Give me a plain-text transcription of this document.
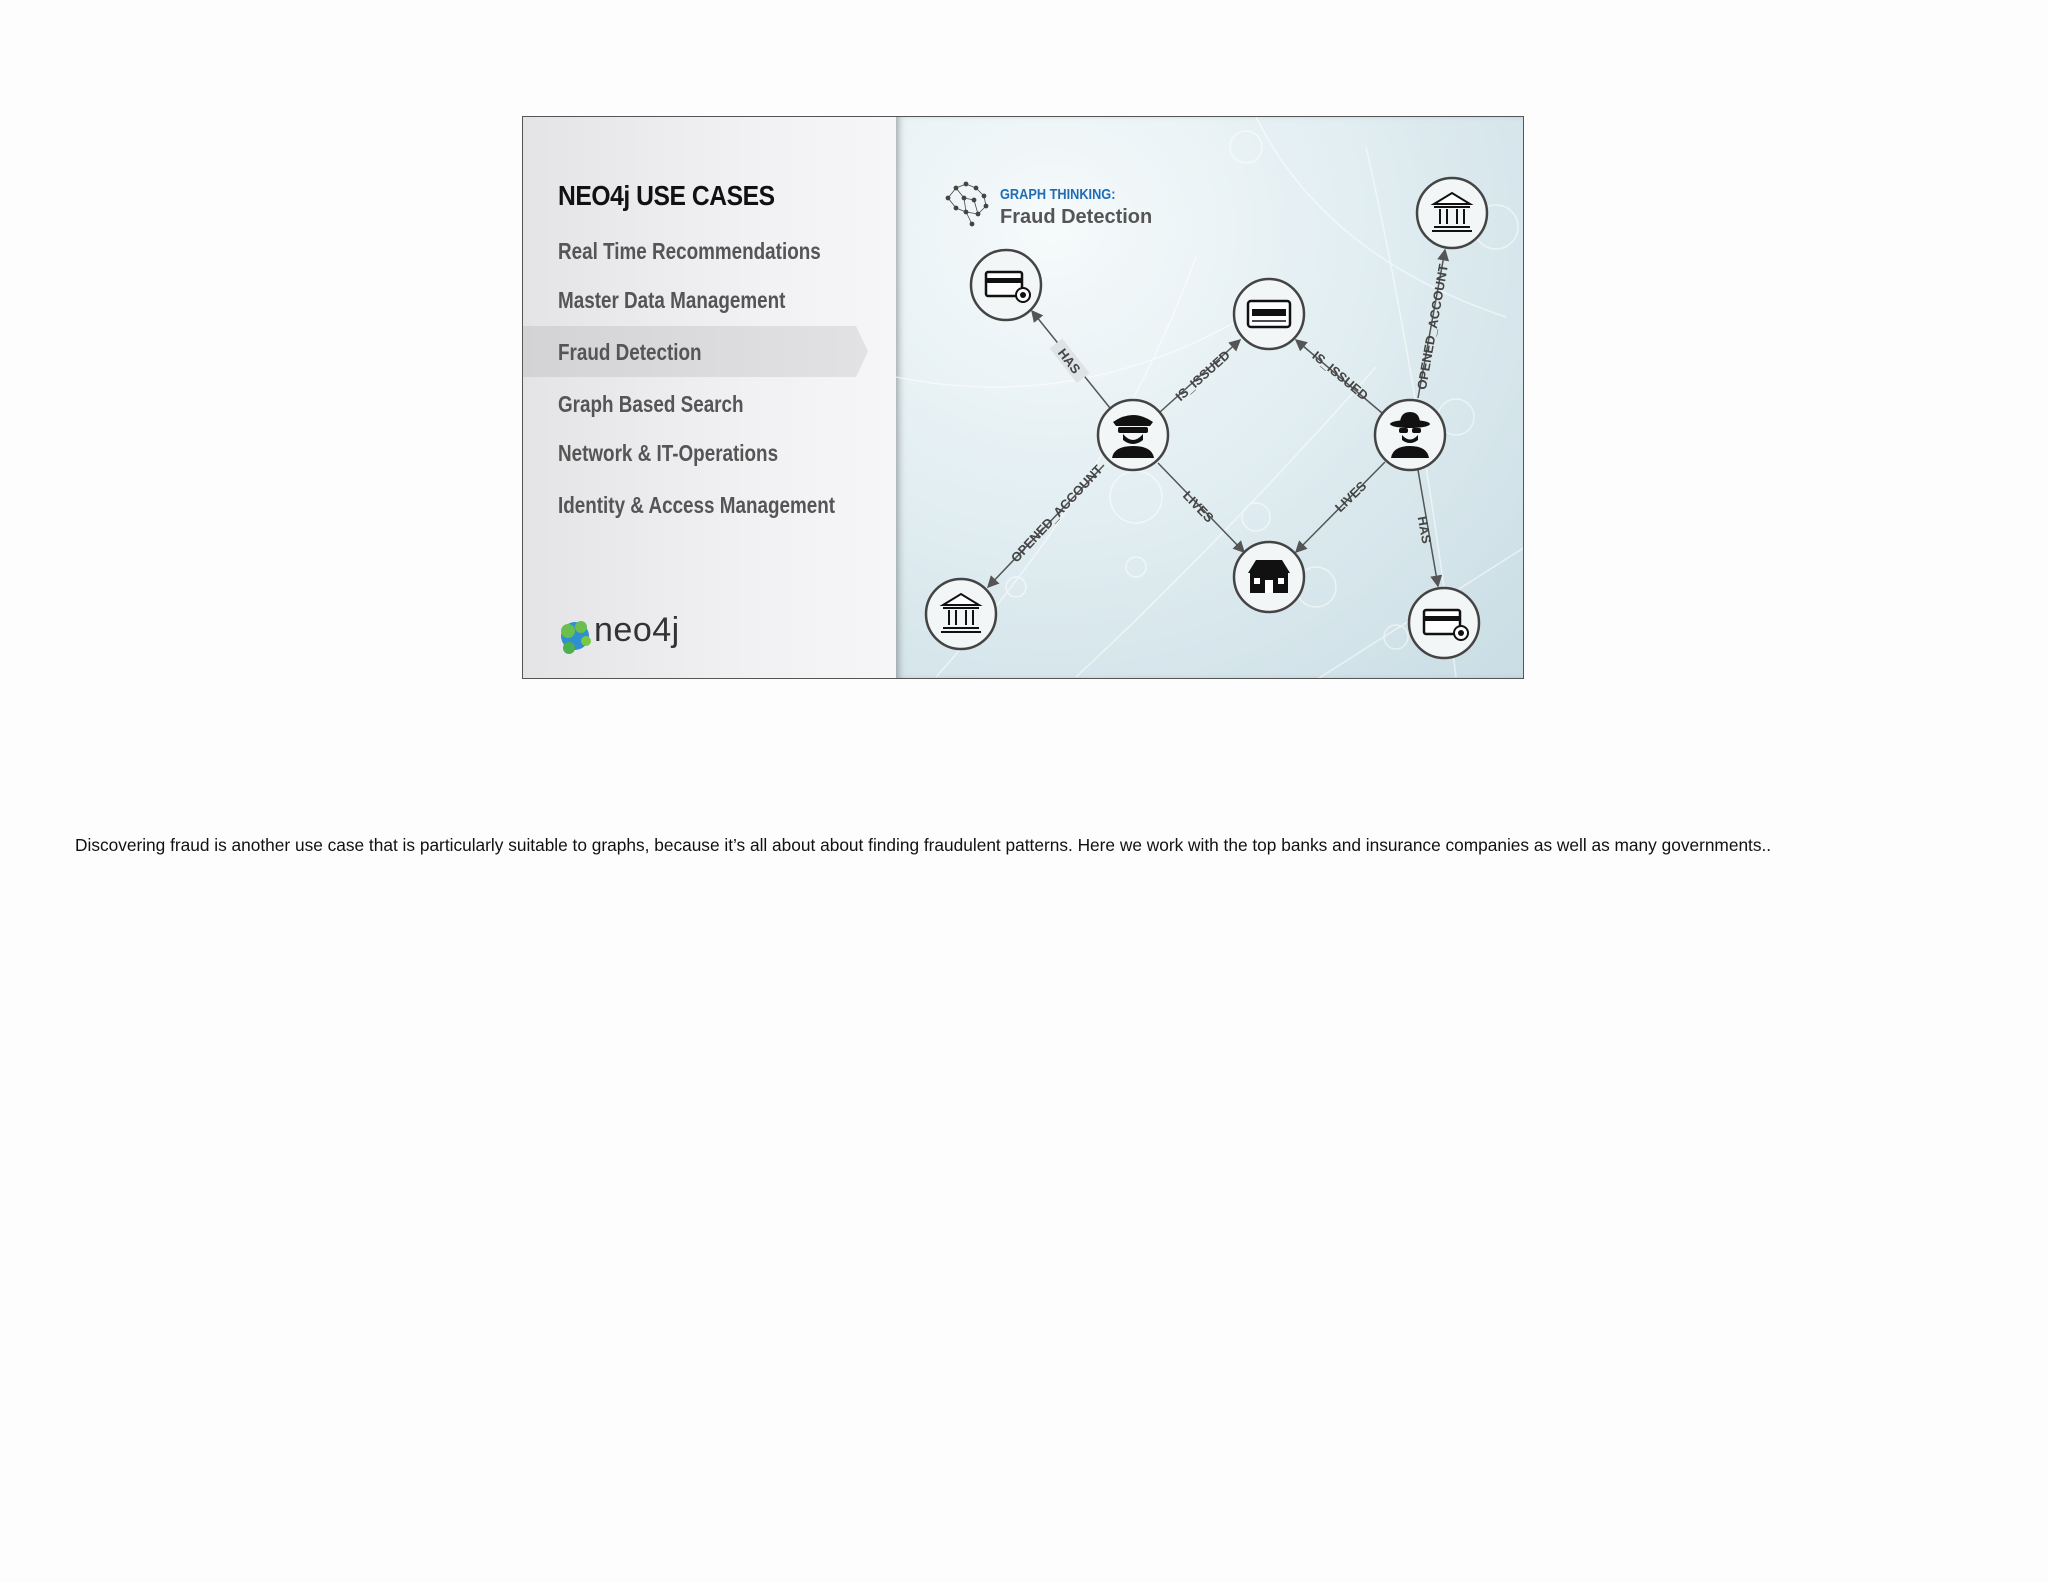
NEO4j USE CASES
Real Time Recommendations
Master Data Management
Fraud Detection
Graph Based Search
Network & IT-Operations
Identity & Access Management
neo4j
GRAPH THINKING:
Fraud Detection
HAS	IS_ISSUED	IS_ISSUED	OPENED_ACCOUNT
OPENED_ACCOUNT	LIVES	LIVES
HAS
Discovering fraud is another use case that is particularly suitable to graphs, because it’s all about about finding fraudulent patterns. Here we work with the top banks and insurance companies as well as many governments..
